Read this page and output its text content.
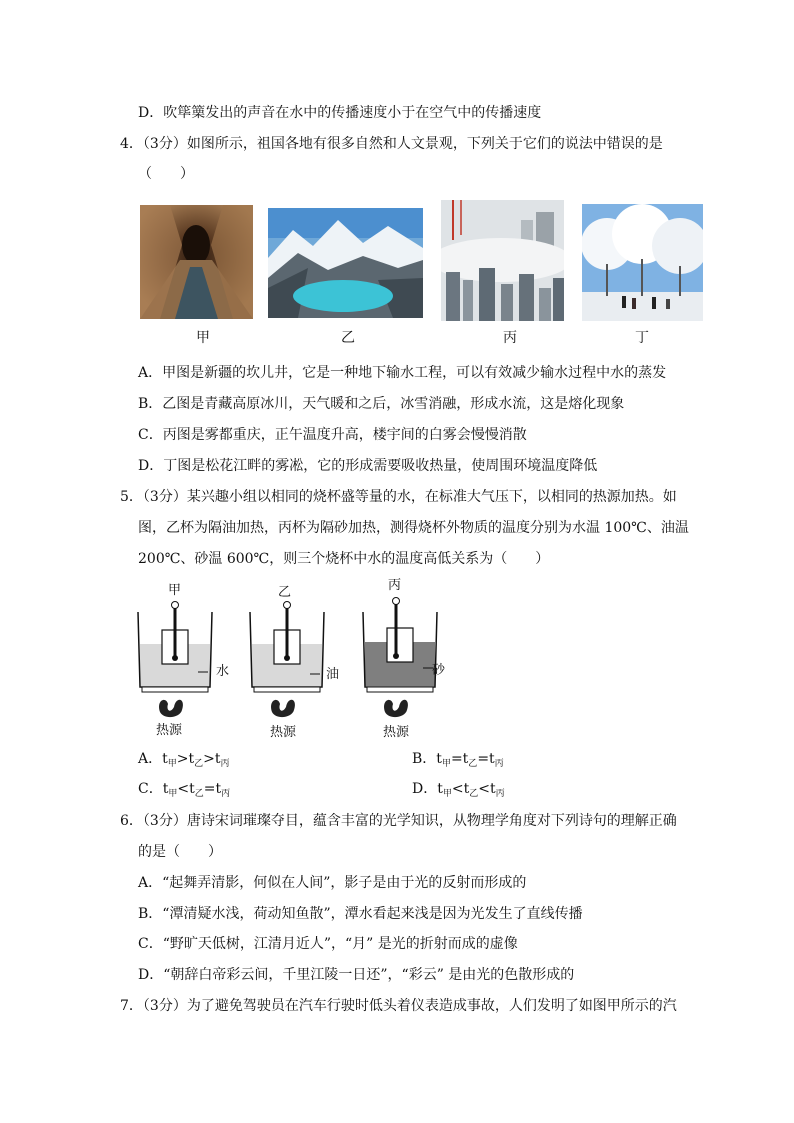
D．吹筚篥发出的声音在水中的传播速度小于在空气中的传播速度
4．（3分）如图所示，祖国各地有很多自然和人文景观，下列关于它们的说法中错误的是
（　　）
甲	乙	丙	丁
A．甲图是新疆的坎儿井，它是一种地下输水工程，可以有效减少输水过程中水的蒸发
B．乙图是青藏高原冰川，天气暖和之后，冰雪消融，形成水流，这是熔化现象
C．丙图是雾都重庆，正午温度升高，楼宇间的白雾会慢慢消散
D．丁图是松花江畔的雾凇，它的形成需要吸收热量，使周围环境温度降低
5．（3分）某兴趣小组以相同的烧杯盛等量的水，在标准大气压下，以相同的热源加热。如
图，乙杯为隔油加热，丙杯为隔砂加热，测得烧杯外物质的温度分别为水温 100℃、油温
200℃、砂温 600℃，则三个烧杯中水的温度高低关系为（　　）
甲
水
热源
乙
油
热源
丙
砂
热源
A．$t_甲>t_乙>t_丙$	B．$t_甲=t_乙=t_丙$
C．$t_甲<t_乙=t_丙$	D．$t_甲<t_乙<t_丙$
6．（3分）唐诗宋词璀璨夺目，蕴含丰富的光学知识，从物理学角度对下列诗句的理解正确
的是（　　）
A．“起舞弄清影，何似在人间”，影子是由于光的反射而形成的
B．“潭清疑水浅，荷动知鱼散”，潭水看起来浅是因为光发生了直线传播
C．“野旷天低树，江清月近人”，“月” 是光的折射而成的虚像
D．“朝辞白帝彩云间，千里江陵一日还”，“彩云” 是由光的色散形成的
7．（3分）为了避免驾驶员在汽车行驶时低头着仪表造成事故，人们发明了如图甲所示的汽
